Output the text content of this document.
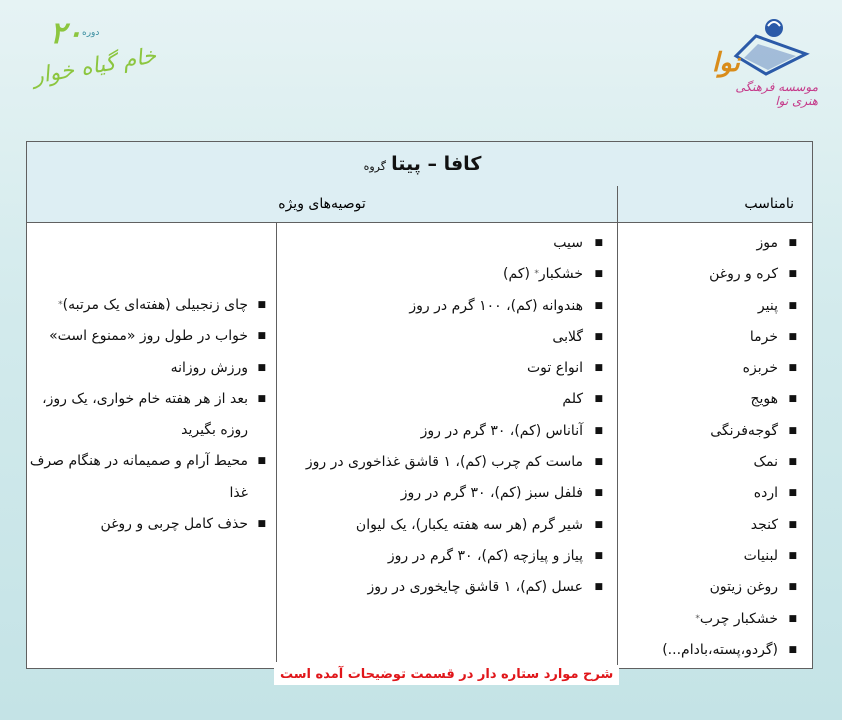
نوا
موسسه فرهنگی هنری نوا
۲۰ دوره
خام گیاه خوار
کافا – پیتا گروه
نامناسب
توصیه‌های ویژه
■
موز
■
کره و روغن
■
پنیر
■
خرما
■
خربزه
■
هویج
■
گوجه‌فرنگی
■
نمک
■
ارده
■
کنجد
■
لبنیات
■
روغن زیتون
■
خشکبار چرب*
■
(گردو،پسته،بادام...)
■
سیب
■
خشکبار* (کم)
■
هندوانه (کم)، ۱۰۰ گرم در روز
■
گلابی
■
انواع توت
■
کلم
■
آناناس (کم)، ۳۰ گرم در روز
■
ماست کم چرب (کم)، ۱ قاشق غذاخوری در روز
■
فلفل سبز (کم)، ۳۰ گرم در روز
■
شیر گرم (هر سه هفته یکبار)، یک لیوان
■
پیاز و پیازچه (کم)، ۳۰ گرم در روز
■
عسل (کم)، ۱ قاشق چایخوری در روز
■
چای زنجبیلی (هفته‌ای یک مرتبه)*
■
خواب در طول روز «ممنوع است»
■
ورزش روزانه
■
بعد از هر هفته خام خواری، یک روز، روزه بگیرید
■
محیط آرام و صمیمانه در هنگام صرف غذا
■
حذف کامل چربی و روغن
شرح موارد ستاره دار در قسمت توضیحات آمده است
